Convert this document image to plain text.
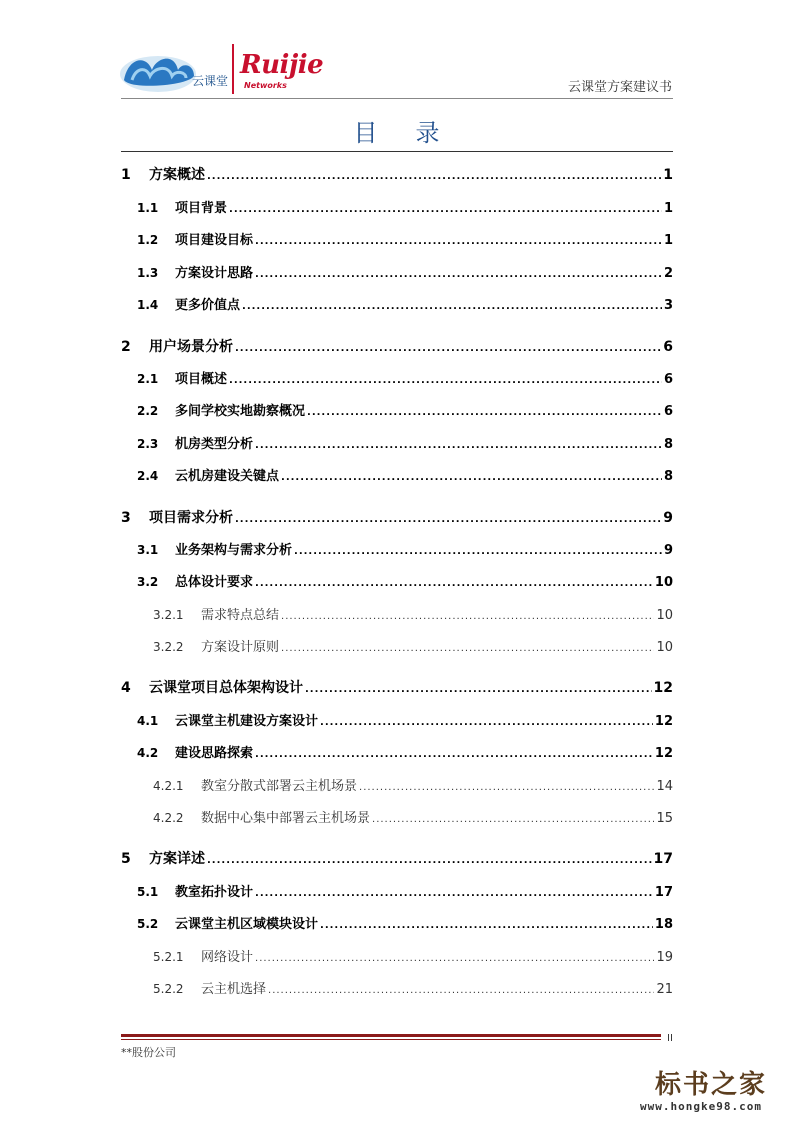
云课堂
Ruijie
Networks	云课堂方案建议书
目录
1	方案概述 .....	1
1.1	项目背景 .....	1
1.2	项目建设目标 .....	1
1.3	方案设计思路 .....	2
1.4	更多价值点 .....	3
2	用户场景分析 .....	6
2.1	项目概述 .....	6
2.2	多间学校实地勘察概况 .....	6
2.3	机房类型分析 .....	8
2.4	云机房建设关键点 .....	8
3	项目需求分析 .....	9
3.1	业务架构与需求分析 .....	9
3.2	总体设计要求 .....	10
3.2.1	需求特点总结 .....	10
3.2.2	方案设计原则 .....	10
4	云课堂项目总体架构设计 .....	12
4.1	云课堂主机建设方案设计 .....	12
4.2	建设思路探索 .....	12
4.2.1	教室分散式部署云主机场景 .....	14
4.2.2	数据中心集中部署云主机场景 .....	15
5	方案详述 .....	17
5.1	教室拓扑设计 .....	17
5.2	云课堂主机区域模块设计 .....	18
5.2.1	网络设计 .....	19
5.2.2	云主机选择 .....	21
II
**股份公司
标书之家
www.hongke98.com
